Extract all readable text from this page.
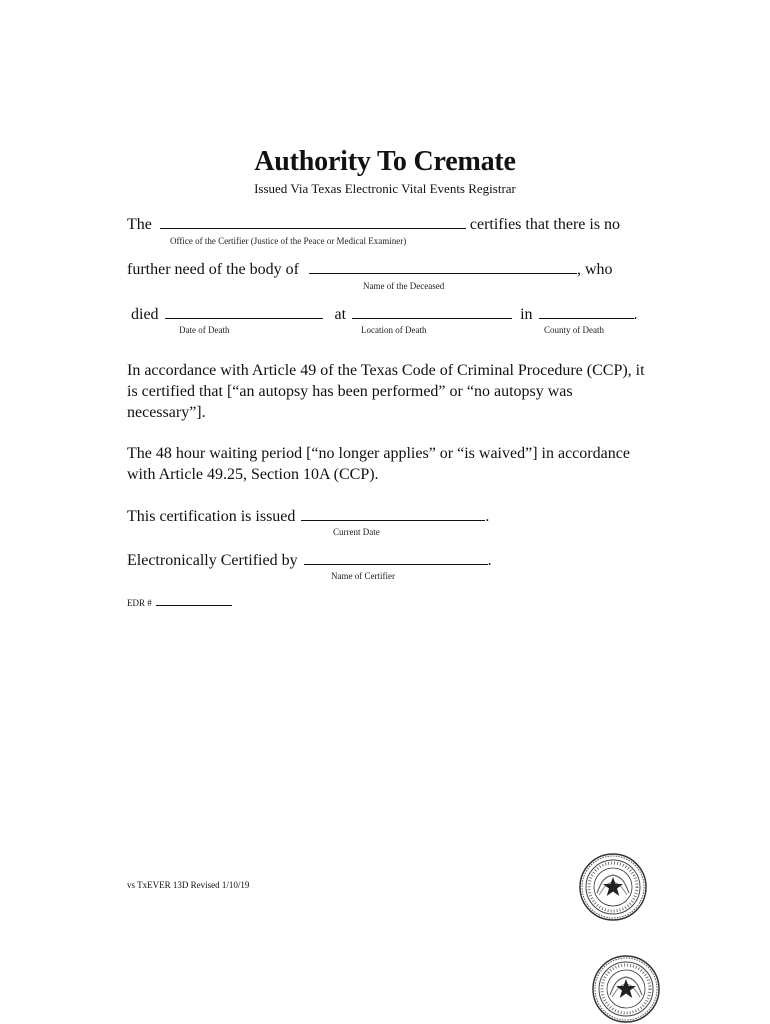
Authority To Cremate
Issued Via Texas Electronic Vital Events Registrar
The	certifies that there is no
Office of the Certifier (Justice of the Peace or Medical Examiner)
further need of the body of	, who
Name of the Deceased
died	at	in	.
Date of Death	Location of Death	County of Death
In accordance with Article 49 of the Texas Code of Criminal Procedure (CCP), it is certified that [“an autopsy has been performed” or “no autopsy was necessary”].
The 48 hour waiting period [“no longer applies” or “is waived”] in accordance with Article 49.25, Section 10A (CCP).
This certification is issued	.
Current Date
Electronically Certified by	.
Name of Certifier
EDR #
vs TxEVER 13D Revised 1/10/19
